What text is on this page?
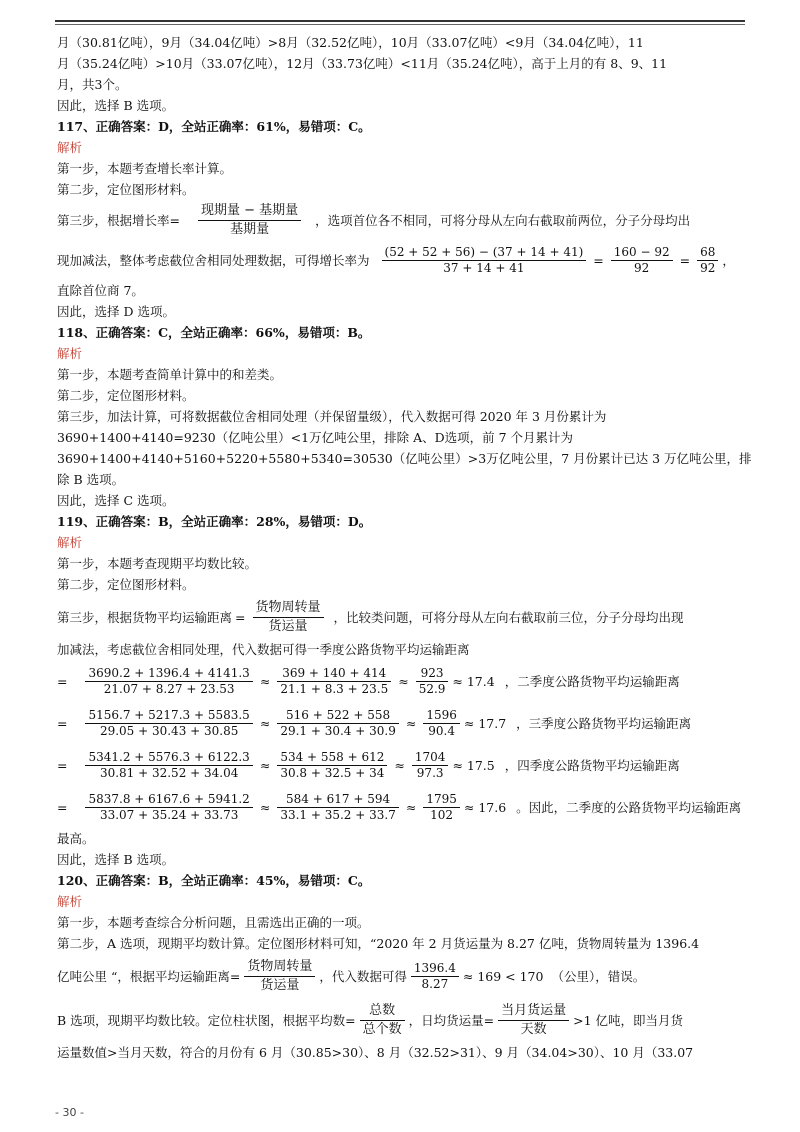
月（30.81亿吨），9月（34.04亿吨）>8月（32.52亿吨），10月（33.07亿吨）<9月（34.04亿吨），11
月（35.24亿吨）>10月（33.07亿吨），12月（33.73亿吨）<11月（35.24亿吨），高于上月的有 8、9、11
月，共3个。
因此，选择 B 选项。
117、正确答案：D，全站正确率：61%，易错项：C。
解析
第一步，本题考查增长率计算。
第二步，定位图形材料。
第三步，根据增长率= $\frac{\text{现期量 − 基期量}}{\text{基期量}}$ ，选项首位各不相同，可将分母从左向右截取前两位，分子分母均出
现加减法，整体考虑截位舍相同处理数据，可得增长率为 $\frac{(52 + 52 + 56) - (37 + 14 + 41)}{37 + 14 + 41} = \frac{160 - 92}{92} = \frac{68}{92}$ ，
直除首位商 7。
因此，选择 D 选项。
118、正确答案：C，全站正确率：66%，易错项：B。
解析
第一步，本题考查简单计算中的和差类。
第二步，定位图形材料。
第三步，加法计算，可将数据截位舍相同处理（并保留量级），代入数据可得 2020 年 3 月份累计为
3690+1400+4140=9230（亿吨公里）<1万亿吨公里，排除 A、D选项，前 7 个月累计为
3690+1400+4140+5160+5220+5580+5340=30530（亿吨公里）>3万亿吨公里，7 月份累计已达 3 万亿吨公里，排
除 B 选项。
因此，选择 C 选项。
119、正确答案：B，全站正确率：28%，易错项：D。
解析
第一步，本题考查现期平均数比较。
第二步，定位图形材料。
第三步，根据货物平均运输距离 = $\frac{\text{货物周转量}}{\text{货运量}}$ ，比较类问题，可将分母从左向右截取前三位，分子分母均出现
加减法，考虑截位舍相同处理，代入数据可得一季度公路货物平均运输距离
= $\frac{3690.2 + 1396.4 + 4141.3}{21.07 + 8.27 + 23.53} \approx \frac{369 + 140 + 414}{21.1 + 8.3 + 23.5} \approx \frac{923}{52.9} \approx 17.4$ ，二季度公路货物平均运输距离
= $\frac{5156.7 + 5217.3 + 5583.5}{29.05 + 30.43 + 30.85} \approx \frac{516 + 522 + 558}{29.1 + 30.4 + 30.9} \approx \frac{1596}{90.4} \approx 17.7$ ，三季度公路货物平均运输距离
= $\frac{5341.2 + 5576.3 + 6122.3}{30.81 + 32.52 + 34.04} \approx \frac{534 + 558 + 612}{30.8 + 32.5 + 34} \approx \frac{1704}{97.3} \approx 17.5$ ，四季度公路货物平均运输距离
= $\frac{5837.8 + 6167.6 + 5941.2}{33.07 + 35.24 + 33.73} \approx \frac{584 + 617 + 594}{33.1 + 35.2 + 33.7} \approx \frac{1795}{102} \approx 17.6$ 。因此，二季度的公路货物平均运输距离
最高。
因此，选择 B 选项。
120、正确答案：B，全站正确率：45%，易错项：C。
解析
第一步，本题考查综合分析问题，且需选出正确的一项。
第二步，A 选项，现期平均数计算。定位图形材料可知，“2020 年 2 月货运量为 8.27 亿吨，货物周转量为 1396.4
亿吨公里 “，根据平均运输距离= $\frac{\text{货物周转量}}{\text{货运量}}$ ，代入数据可得 $\frac{1396.4}{8.27} \approx 169 < 170$ （公里），错误。
B 选项，现期平均数比较。定位柱状图，根据平均数= $\frac{\text{总数}}{\text{总个数}}$ ，日均货运量= $\frac{\text{当月货运量}}{\text{天数}} >1$ 亿吨，即当月货
运量数值>当月天数，符合的月份有 6 月（30.85>30）、8 月（32.52>31）、9 月（34.04>30）、10 月（33.07
- 30 -
